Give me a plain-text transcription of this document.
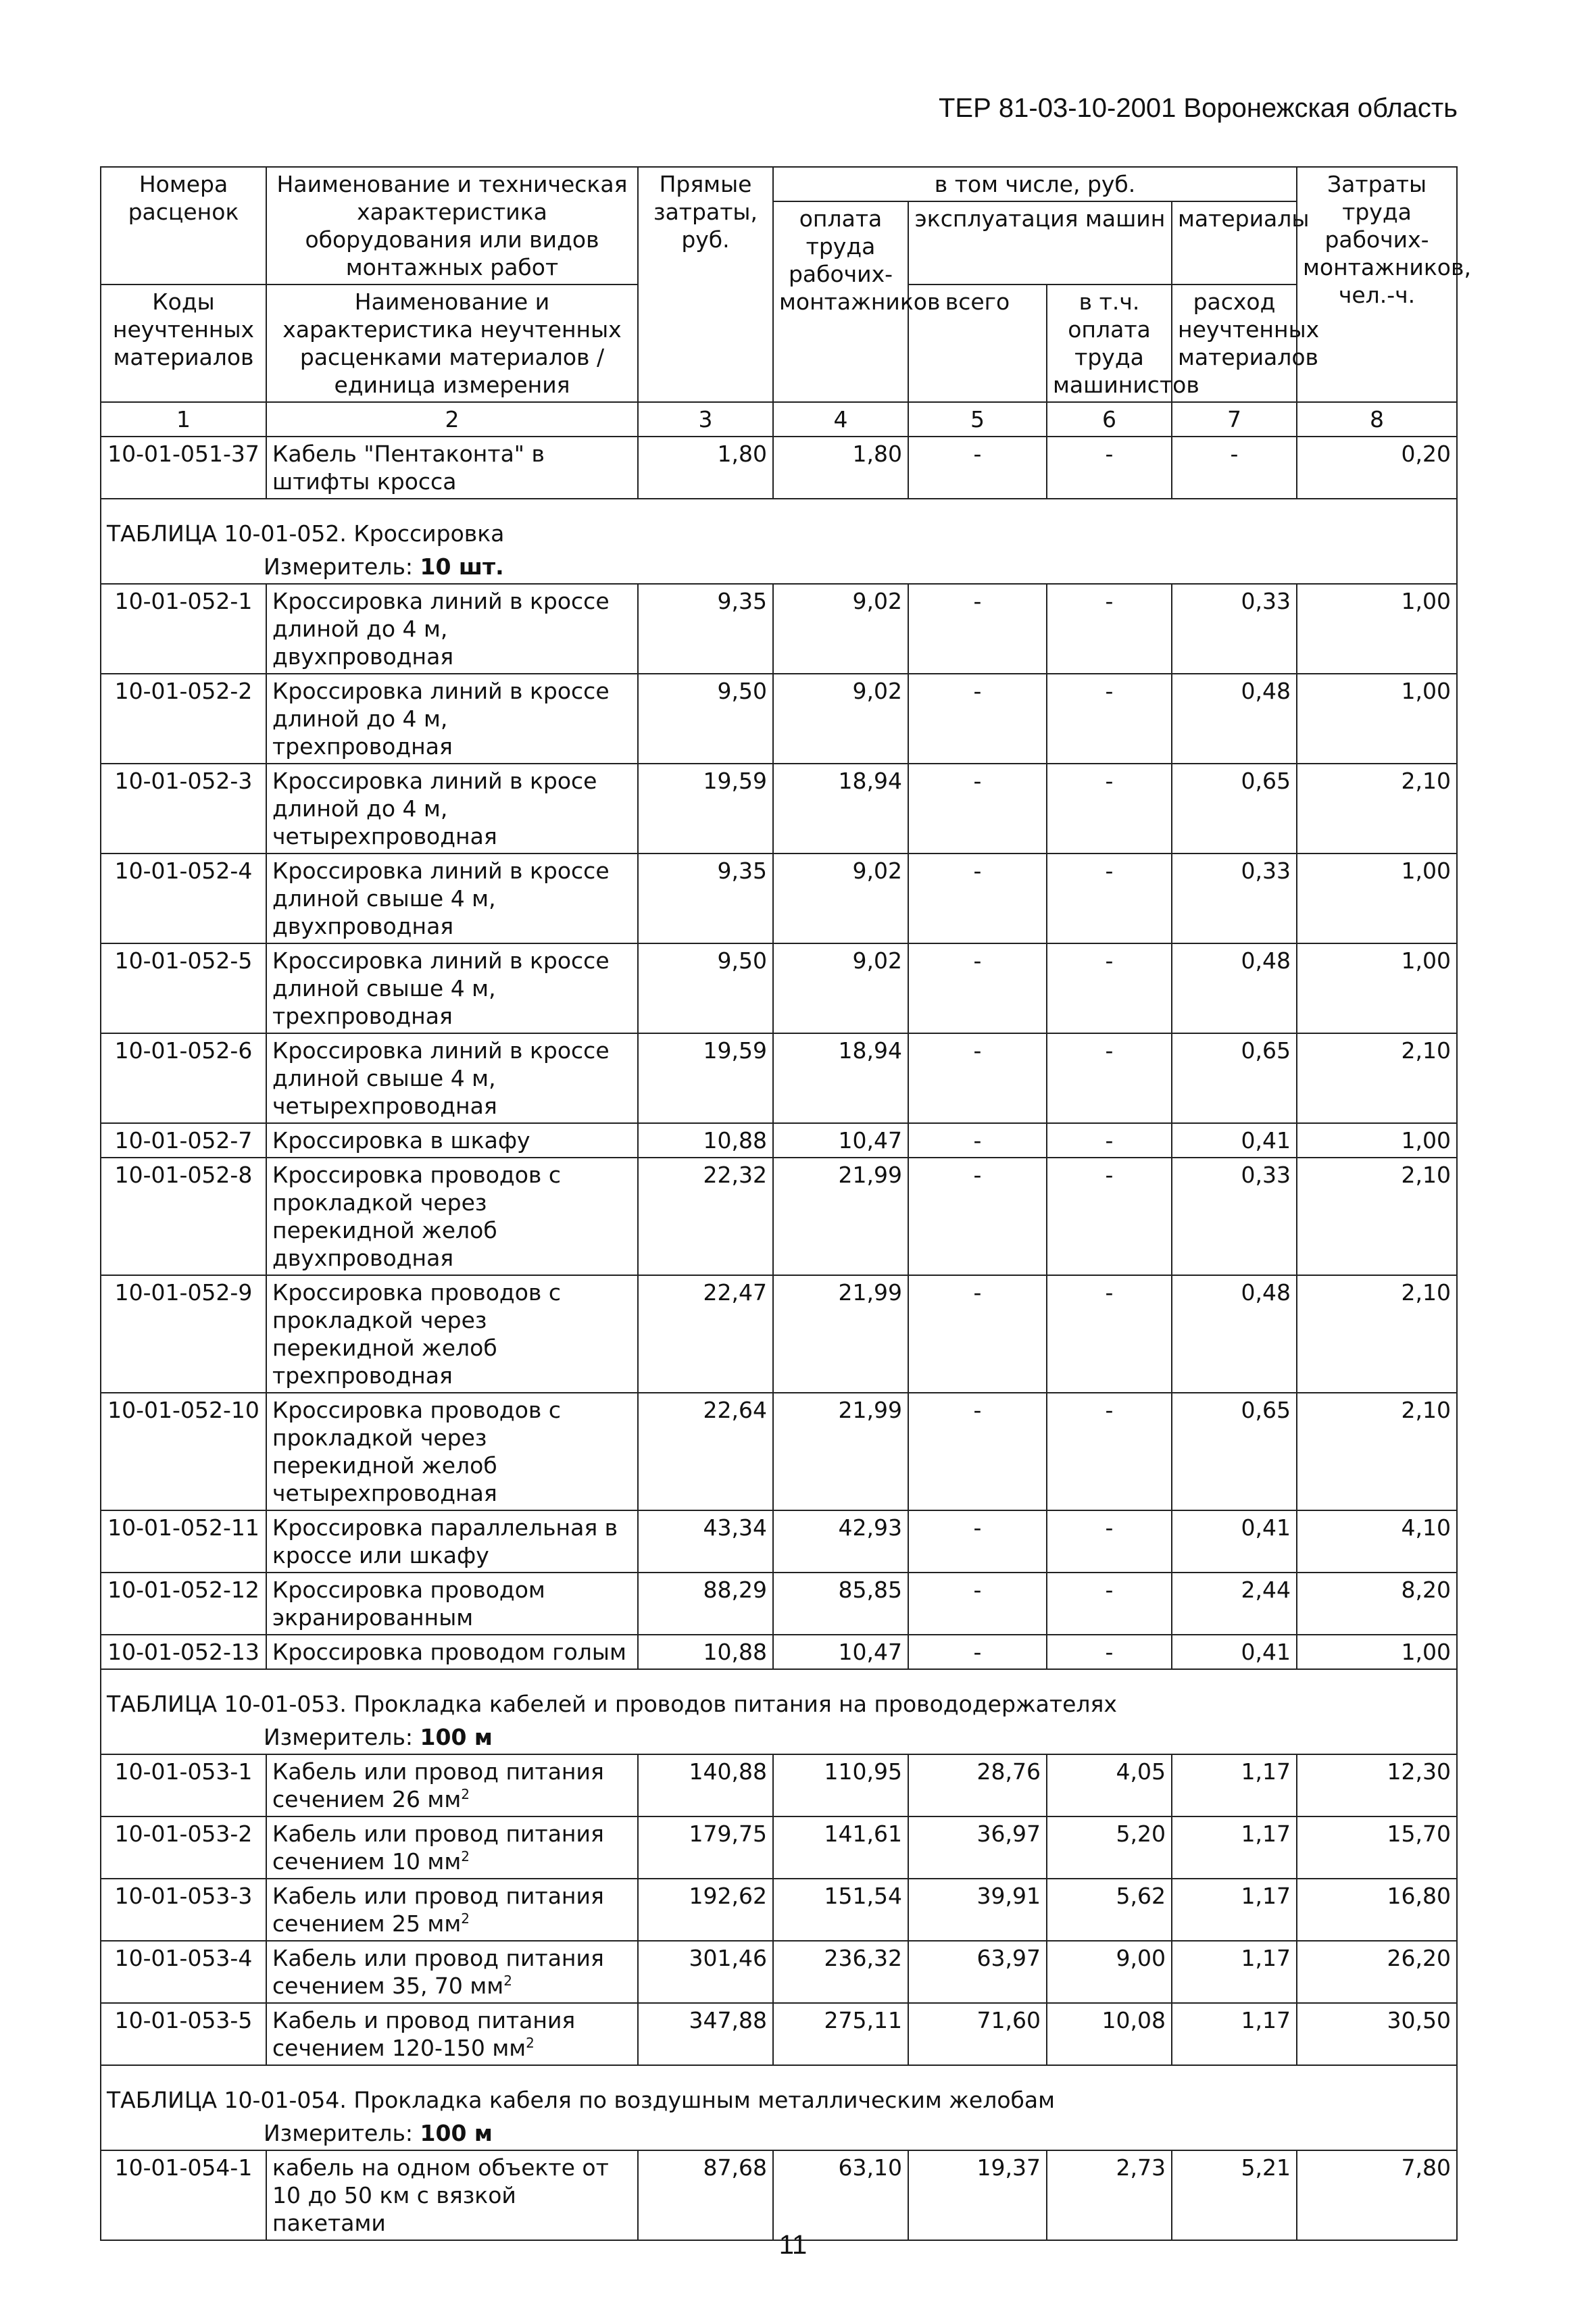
ТЕР 81-03-10-2001 Воронежская область
Номера расценок	Наименование и техническая характеристика оборудования или видов монтажных работ	Прямые затраты, руб.	в том числе, руб.				Затраты труда рабочих-монтажников, чел.-ч.
			оплата труда рабочих-монтажников	эксплуатация машин		материалы	
Коды неучтенных материалов	Наименование и характеристика неучтенных расценками материалов / единица измерения			всего	в т.ч. оплата труда машинистов	расход неучтенных материалов	

1	2	3	4	5	6	7	8
10-01-051-37	Кабель "Пентаконта" в штифты кросса	1,80	1,80	-	-	-	0,20
ТАБЛИЦА 10-01-052. Кроссировка							
Измеритель: 10 шт.							
10-01-052-1	Кроссировка линий в кроссе длиной до 4 м, двухпроводная	9,35	9,02	-	-	0,33	1,00
10-01-052-2	Кроссировка линий в кроссе длиной до 4 м, трехпроводная	9,50	9,02	-	-	0,48	1,00
10-01-052-3	Кроссировка линий в кросе длиной до 4 м, четырехпроводная	19,59	18,94	-	-	0,65	2,10
10-01-052-4	Кроссировка линий в кроссе длиной свыше 4 м, двухпроводная	9,35	9,02	-	-	0,33	1,00
10-01-052-5	Кроссировка линий в кроссе длиной свыше 4 м, трехпроводная	9,50	9,02	-	-	0,48	1,00
10-01-052-6	Кроссировка линий в кроссе длиной свыше 4 м, четырехпроводная	19,59	18,94	-	-	0,65	2,10
10-01-052-7	Кроссировка в шкафу	10,88	10,47	-	-	0,41	1,00
10-01-052-8	Кроссировка проводов с прокладкой через перекидной желоб двухпроводная	22,32	21,99	-	-	0,33	2,10
10-01-052-9	Кроссировка проводов с прокладкой через перекидной желоб трехпроводная	22,47	21,99	-	-	0,48	2,10
10-01-052-10	Кроссировка проводов с прокладкой через перекидной желоб четырехпроводная	22,64	21,99	-	-	0,65	2,10
10-01-052-11	Кроссировка параллельная в кроссе или шкафу	43,34	42,93	-	-	0,41	4,10
10-01-052-12	Кроссировка проводом экранированным	88,29	85,85	-	-	2,44	8,20
10-01-052-13	Кроссировка проводом голым	10,88	10,47	-	-	0,41	1,00
ТАБЛИЦА 10-01-053. Прокладка кабелей и проводов питания на провододержателях							
Измеритель: 100 м							
10-01-053-1	Кабель или провод питания сечением 26 $мм^2$	140,88	110,95	28,76	4,05	1,17	12,30
10-01-053-2	Кабель или провод питания сечением 10 $мм^2$	179,75	141,61	36,97	5,20	1,17	15,70
10-01-053-3	Кабель или провод питания сечением 25 $мм^2$	192,62	151,54	39,91	5,62	1,17	16,80
10-01-053-4	Кабель или провод питания сечением 35, 70 $мм^2$	301,46	236,32	63,97	9,00	1,17	26,20
10-01-053-5	Кабель и провод питания сечением 120-150 $мм^2$	347,88	275,11	71,60	10,08	1,17	30,50
ТАБЛИЦА 10-01-054. Прокладка кабеля по воздушным металлическим желобам							
Измеритель: 100 м							
10-01-054-1	кабель на одном объекте от 10 до 50 км с вязкой пакетами	87,68	63,10	19,37	2,73	5,21	7,80
11
